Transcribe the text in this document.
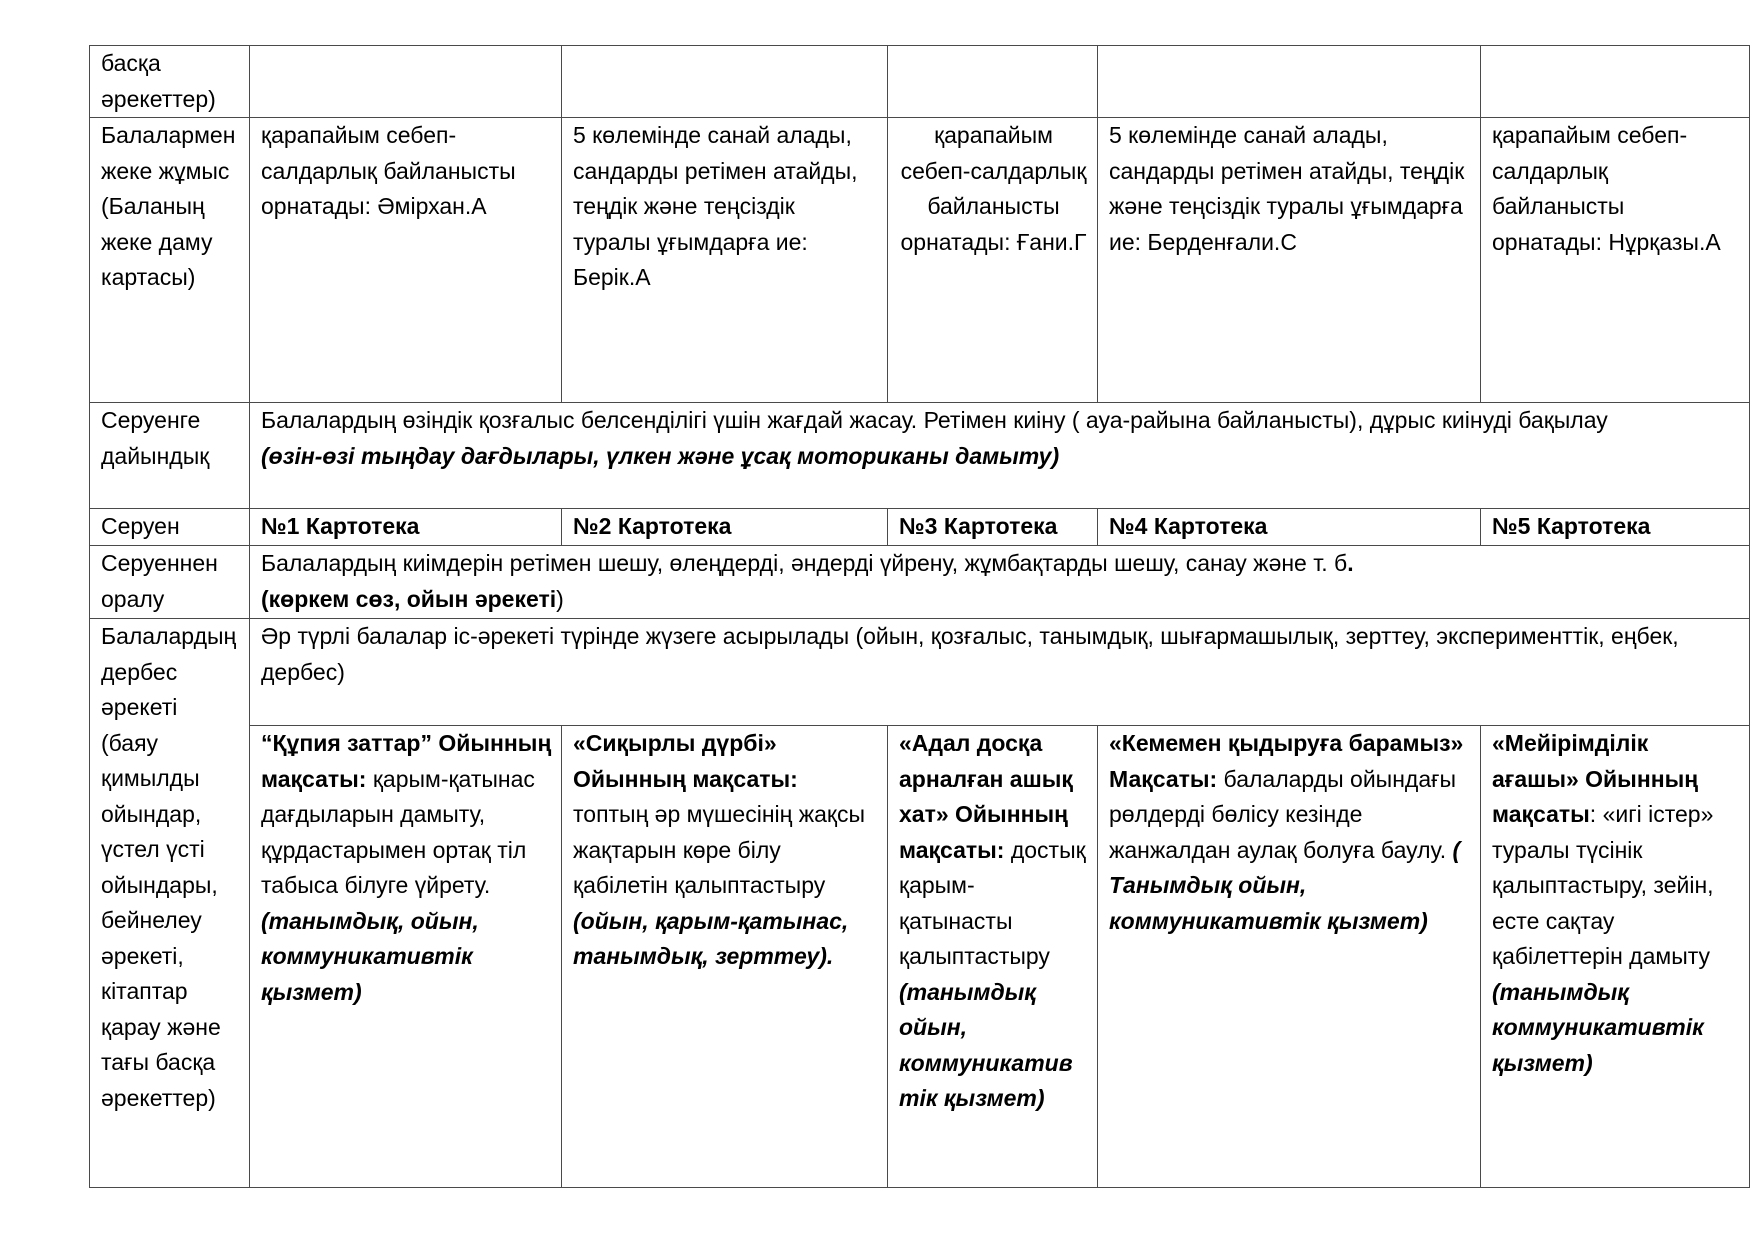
басқа әрекеттер)					
Балалармен жеке жұмыс (Баланың жеке даму картасы)	қарапайым себеп-салдарлық байланысты орнатады: Әмірхан.А	5 көлемінде санай алады, сандарды ретімен атайды, теңдік және теңсіздік туралы ұғымдарға ие: Берік.А	қарапайым себеп-салдарлық байланысты орнатады: Ғани.Г	5 көлемінде санай алады, сандарды ретімен атайды, теңдік және теңсіздік туралы ұғымдарға ие: Берденғали.С	қарапайым себеп-салдарлық байланысты орнатады: Нұрқазы.А
Серуенге дайындық	Балалардың өзіндік қозғалыс белсенділігі үшін жағдай жасау. Ретімен киіну ( ауа-райына байланысты), дұрыс киінуді бақылау
(өзін-өзі тыңдау дағдылары, үлкен және ұсақ моториканы дамыту)				

Серуен	№1 Картотека	№2 Картотека	№3 Картотека	№4 Картотека	№5 Картотека
Серуеннен оралу	Балалардың киімдерін ретімен шешу, өлеңдерді, әндерді үйрену, жұмбақтарды шешу, санау және т. б.
(көркем сөз, ойын әрекеті)				

Балалардың дербес әрекеті (баяу қимылды ойындар, үстел үсті ойындары, бейнелеу әрекеті, кітаптар қарау және тағы басқа әрекеттер)	Әр түрлі балалар іс-әрекеті түрінде жүзеге асырылады (ойын, қозғалыс, танымдық, шығармашылық, зерттеу, эксперименттік, еңбек, дербес)				
	“Құпия заттар” Ойынның мақсаты: қарым-қатынас дағдыларын дамыту, құрдастарымен ортақ тіл табыса білуге үйрету. (танымдық, ойын, коммуникативтік қызмет)	«Сиқырлы дүрбі» Ойынның мақсаты: топтың әр мүшесінің жақсы жақтарын көре білу қабілетін қалыптастыру (ойын, қарым-қатынас, танымдық, зерттеу).	«Адал досқа арналған ашық хат» Ойынның мақсаты: достық қарым-қатынасты қалыптастыру (танымдық ойын, коммуникативтік қызмет)	«Кемемен қыдыруға барамыз» Мақсаты: балаларды ойындағы рөлдерді бөлісу кезінде жанжалдан аулақ болуға баулу. ( Танымдық ойын, коммуникативтік қызмет)	«Мейірімділік ағашы» Ойынның мақсаты: «игі істер» туралы түсінік қалыптастыру, зейін, есте сақтау қабілеттерін дамыту (танымдық коммуникативтік қызмет)
